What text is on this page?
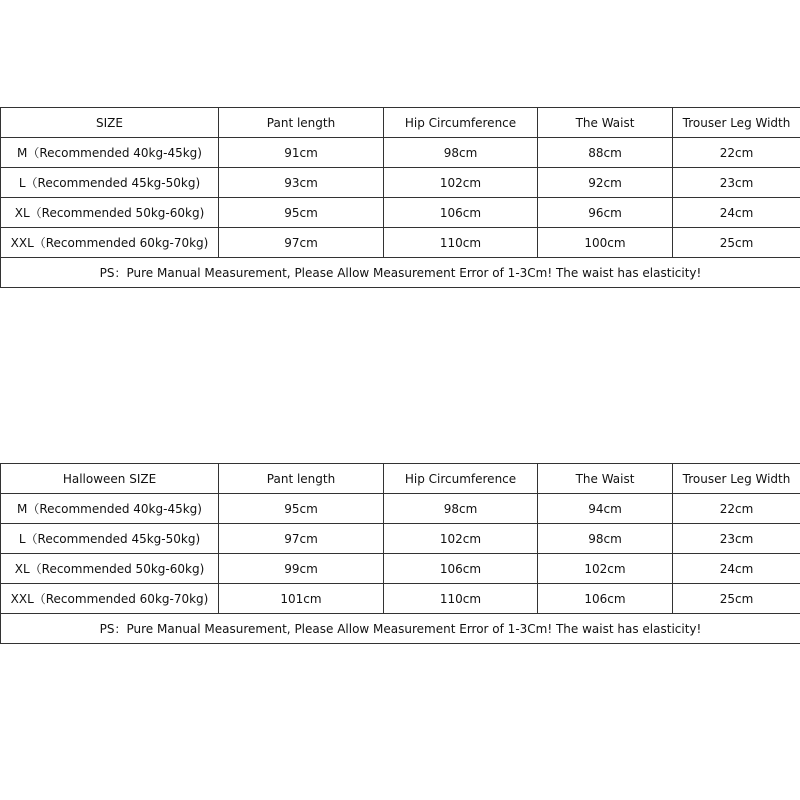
SIZE	Pant length	Hip Circumference	The Waist	Trouser Leg Width
M（Recommended 40kg-45kg)	91cm	98cm	88cm	22cm
L（Recommended 45kg-50kg)	93cm	102cm	92cm	23cm
XL（Recommended 50kg-60kg)	95cm	106cm	96cm	24cm
XXL（Recommended 60kg-70kg)	97cm	110cm	100cm	25cm
PS：Pure Manual Measurement, Please Allow Measurement Error of 1-3Cm! The waist has elasticity!				
Halloween SIZE	Pant length	Hip Circumference	The Waist	Trouser Leg Width
M（Recommended 40kg-45kg)	95cm	98cm	94cm	22cm
L（Recommended 45kg-50kg)	97cm	102cm	98cm	23cm
XL（Recommended 50kg-60kg)	99cm	106cm	102cm	24cm
XXL（Recommended 60kg-70kg)	101cm	110cm	106cm	25cm
PS：Pure Manual Measurement, Please Allow Measurement Error of 1-3Cm! The waist has elasticity!				
